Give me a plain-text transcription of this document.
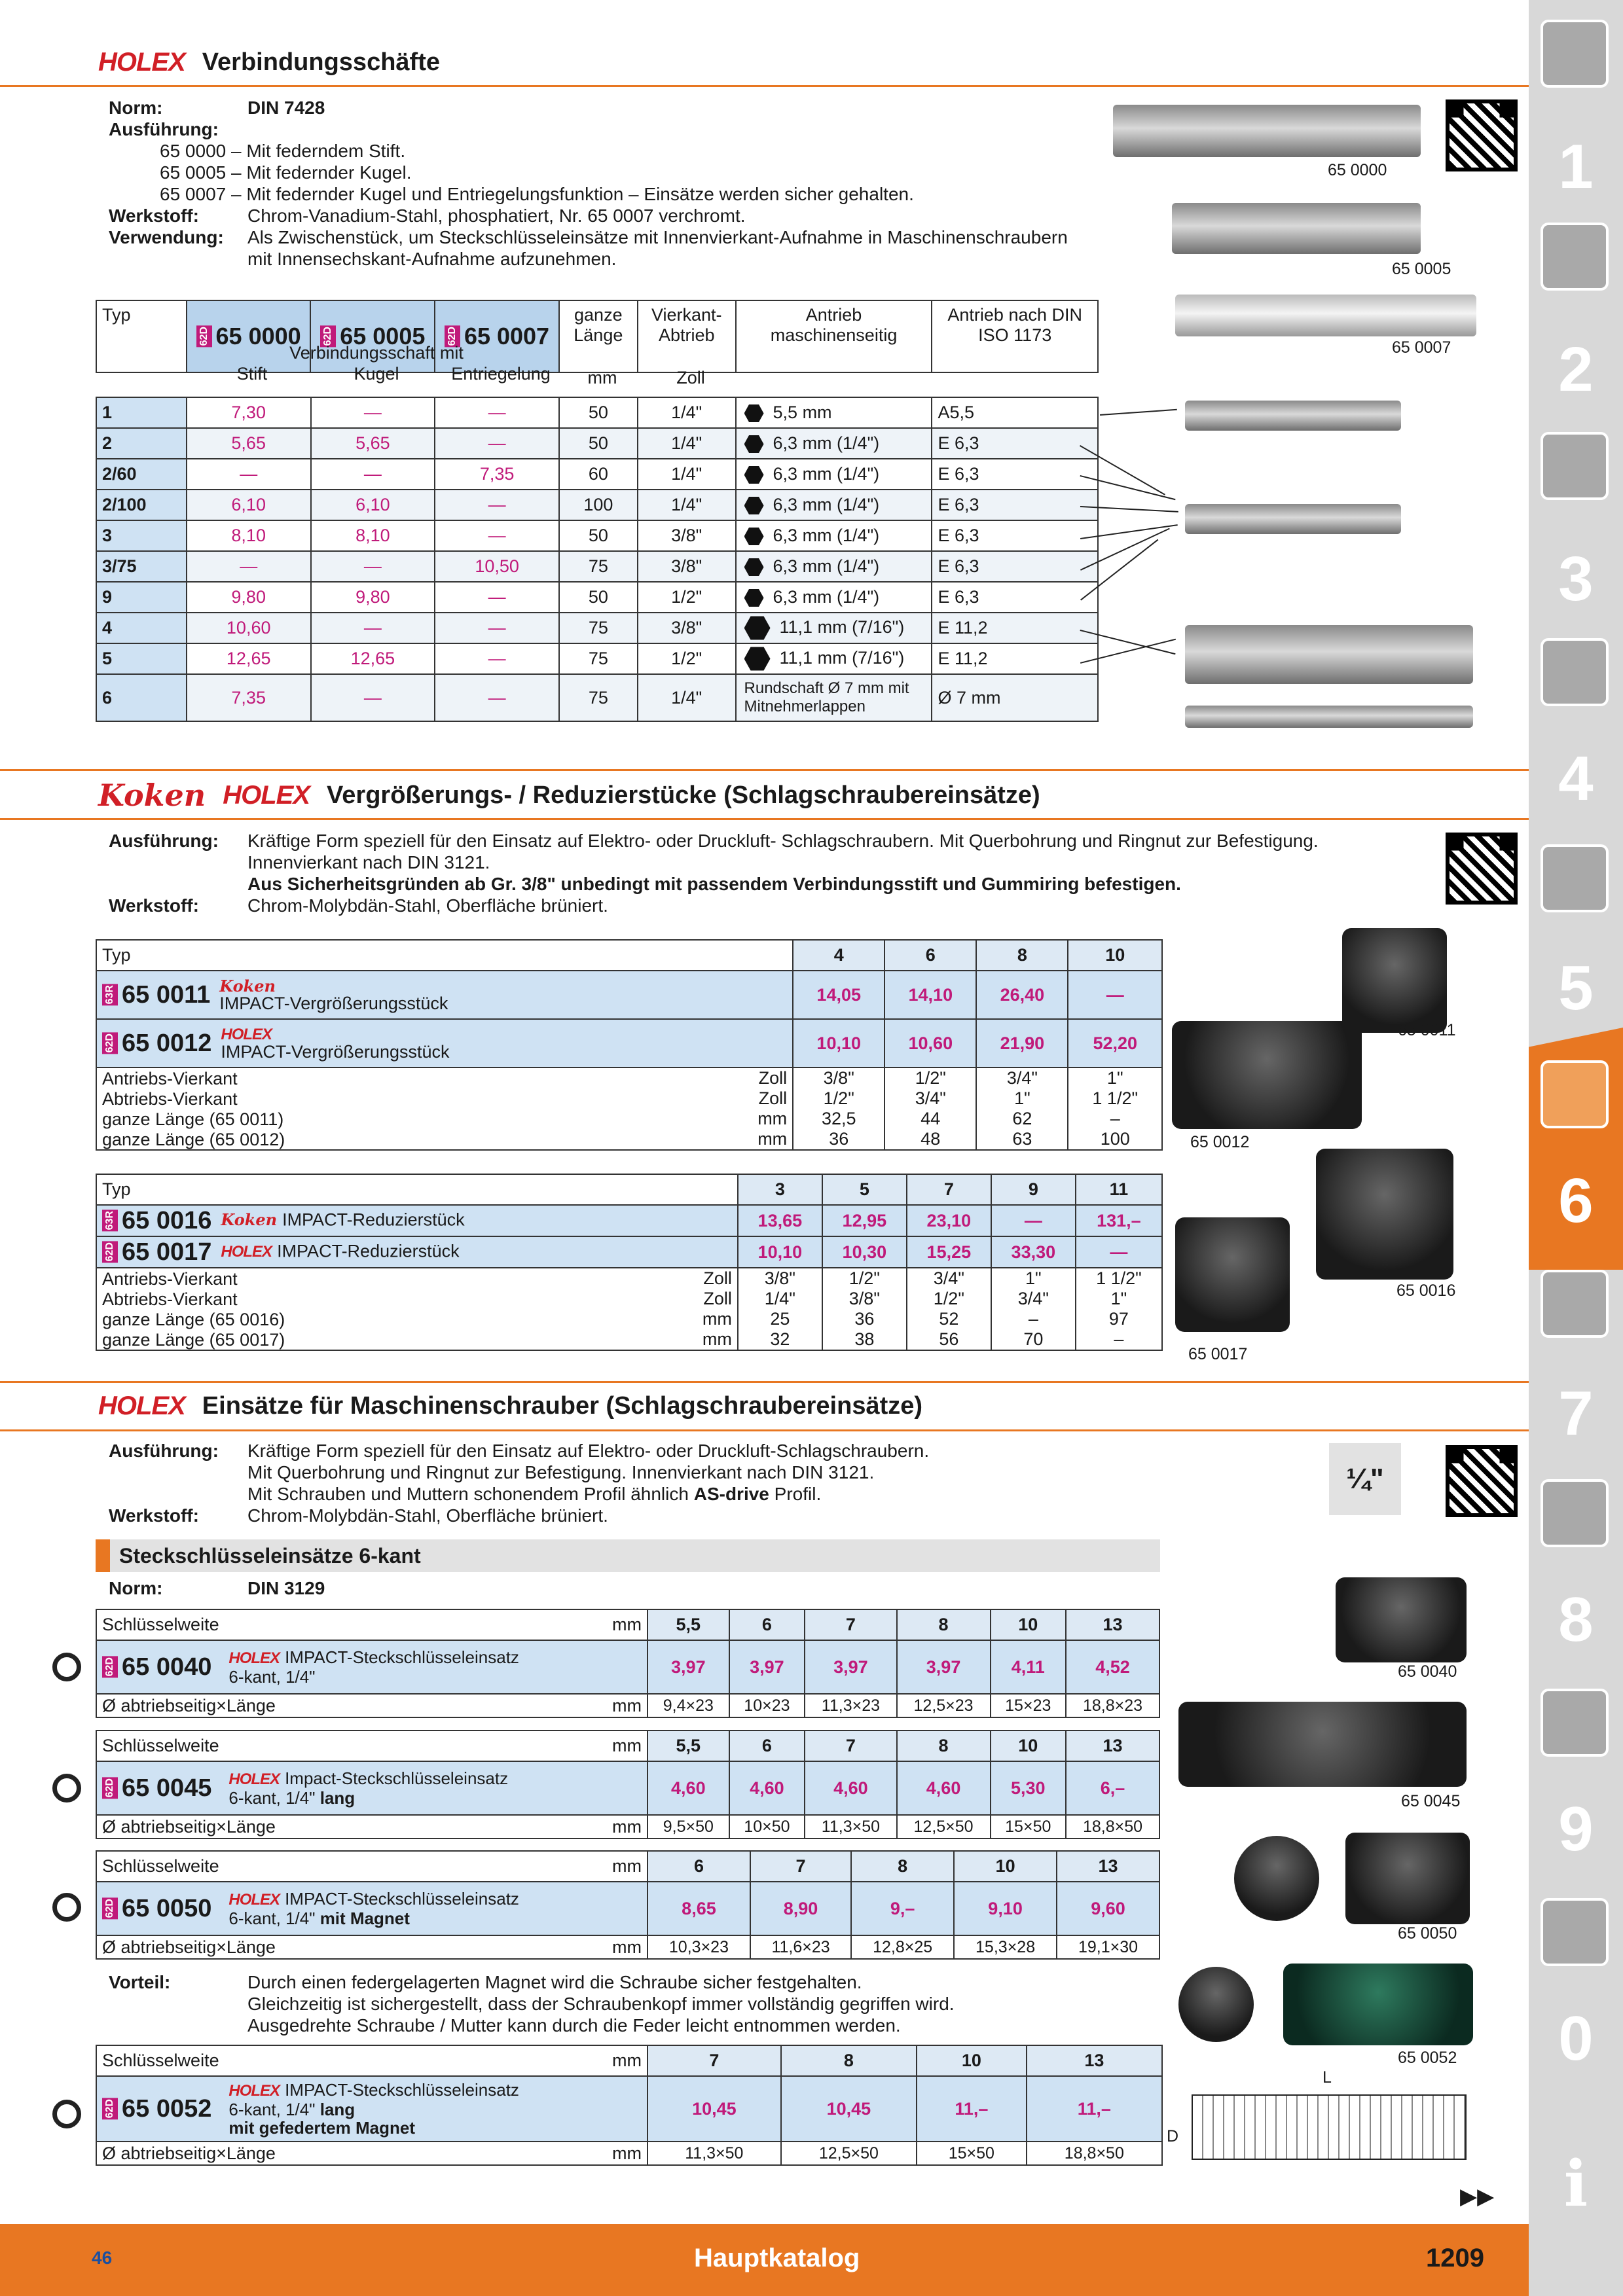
HOLEX Verbindungsschäfte
Norm:	DIN 7428
Ausführung:
65 0000 – Mit federndem Stift.
65 0005 – Mit federnder Kugel.
65 0007 – Mit federnder Kugel und Entriegelungsfunktion – Einsätze werden sicher gehalten.
Werkstoff:	Chrom-Vanadium-Stahl, phosphatiert, Nr. 65 0007 verchromt.
Verwendung:	Als Zwischenstück, um Steckschlüsseleinsätze mit Innenvierkant-Aufnahme in Maschinenschraubern
mit Innensechskant-Aufnahme aufzunehmen.
65 0000
65 0005
65 0007
Typ	62D 65 0000	62D 65 0005	62D 65 0007	ganze Länge	Vierkant-Abtrieb	Antrieb maschinenseitig	Antrieb nach DIN ISO 1173

Verbindungsschaft mit
Stift	Kugel	Entriegelung	mm	Zoll
1	7,30	—	—	50	1/4"	5,5 mm	A5,5
2	5,65	5,65	—	50	1/4"	6,3 mm (1/4")	E 6,3
2/60	—	—	7,35	60	1/4"	6,3 mm (1/4")	E 6,3
2/100	6,10	6,10	—	100	1/4"	6,3 mm (1/4")	E 6,3
3	8,10	8,10	—	50	3/8"	6,3 mm (1/4")	E 6,3
3/75	—	—	10,50	75	3/8"	6,3 mm (1/4")	E 6,3
9	9,80	9,80	—	50	1/2"	6,3 mm (1/4")	E 6,3
4	10,60	—	—	75	3/8"	11,1 mm (7/16")	E 11,2
5	12,65	12,65	—	75	1/2"	11,1 mm (7/16")	E 11,2
6	7,35	—	—	75	1/4"	Rundschaft Ø 7 mm mit Mitnehmerlappen	Ø 7 mm
Koken HOLEX Vergrößerungs- / Reduzierstücke (Schlagschraubereinsätze)
Ausführung:	Kräftige Form speziell für den Einsatz auf Elektro- oder Druckluft- Schlagschraubern. Mit Querbohrung und Ringnut zur Befestigung.
Innenvierkant nach DIN 3121.
Aus Sicherheitsgründen ab Gr. 3/8" unbedingt mit passendem Verbindungsstift und Gummiring befestigen.
Werkstoff:	Chrom-Molybdän-Stahl, Oberfläche brüniert.
Typ		4	6	8	10
63R 65 0011 Koken
IMPACT-Vergrößerungsstück		14,05	14,10	26,40	—
62D 65 0012 HOLEX
IMPACT-Vergrößerungsstück		10,10	10,60	21,90	52,20
Antriebs-Vierkant	Zoll	3/8"	1/2"	3/4"	1"
Abtriebs-Vierkant	Zoll	1/2"	3/4"	1"	1 1/2"
ganze Länge (65 0011)	mm	32,5	44	62	–
ganze Länge (65 0012)	mm	36	48	63	100
Typ		3	5	7	9	11
63R 65 0016 Koken IMPACT-Reduzierstück		13,65	12,95	23,10	—	131,–
62D 65 0017 HOLEX IMPACT-Reduzierstück		10,10	10,30	15,25	33,30	—
Antriebs-Vierkant	Zoll	3/8"	1/2"	3/4"	1"	1 1/2"
Abtriebs-Vierkant	Zoll	1/4"	3/8"	1/2"	3/4"	1"
ganze Länge (65 0016)	mm	25	36	52	–	97
ganze Länge (65 0017)	mm	32	38	56	70	–
65 0011
65 0012
65 0016
65 0017
HOLEX Einsätze für Maschinenschrauber (Schlagschraubereinsätze)
Ausführung:	Kräftige Form speziell für den Einsatz auf Elektro- oder Druckluft-Schlagschraubern.
Mit Querbohrung und Ringnut zur Befestigung. Innenvierkant nach DIN 3121.
Mit Schrauben und Muttern schonendem Profil ähnlich AS-drive Profil.
Werkstoff:	Chrom-Molybdän-Stahl, Oberfläche brüniert.
¼"
Steckschlüsseleinsätze 6-kant
Norm:	DIN 3129
Schlüsselweite	mm	5,5	6	7	8	10	13
62D 65 0040 HOLEX IMPACT-Steckschlüsseleinsatz
6-kant, 1/4"		3,97	3,97	3,97	3,97	4,11	4,52
Ø abtriebseitig×Länge	mm	9,4×23	10×23	11,3×23	12,5×23	15×23	18,8×23
Schlüsselweite	mm	5,5	6	7	8	10	13
62D 65 0045 HOLEX Impact-Steckschlüsseleinsatz
6-kant, 1/4" lang		4,60	4,60	4,60	4,60	5,30	6,–
Ø abtriebseitig×Länge	mm	9,5×50	10×50	11,3×50	12,5×50	15×50	18,8×50
Schlüsselweite	mm	6	7	8	10	13
62D 65 0050 HOLEX IMPACT-Steckschlüsseleinsatz
6-kant, 1/4" mit Magnet		8,65	8,90	9,–	9,10	9,60
Ø abtriebseitig×Länge	mm	10,3×23	11,6×23	12,8×25	15,3×28	19,1×30
Vorteil:	Durch einen federgelagerten Magnet wird die Schraube sicher festgehalten.
Gleichzeitig ist sichergestellt, dass der Schraubenkopf immer vollständig gegriffen wird.
Ausgedrehte Schraube / Mutter kann durch die Feder leicht entnommen werden.
Schlüsselweite	mm	7	8	10	13
62D 65 0052
HOLEX IMPACT-Steckschlüsseleinsatz
6-kant, 1/4" lang
mit gefedertem Magnet		10,45	10,45	11,–	11,–
Ø abtriebseitig×Länge	mm	11,3×50	12,5×50	15×50	18,8×50
65 0040
65 0045
65 0050
65 0052
L
D
▶▶
1
2
3
4
5
6
7
8
9
0
i
46	Hauptkatalog	1209
